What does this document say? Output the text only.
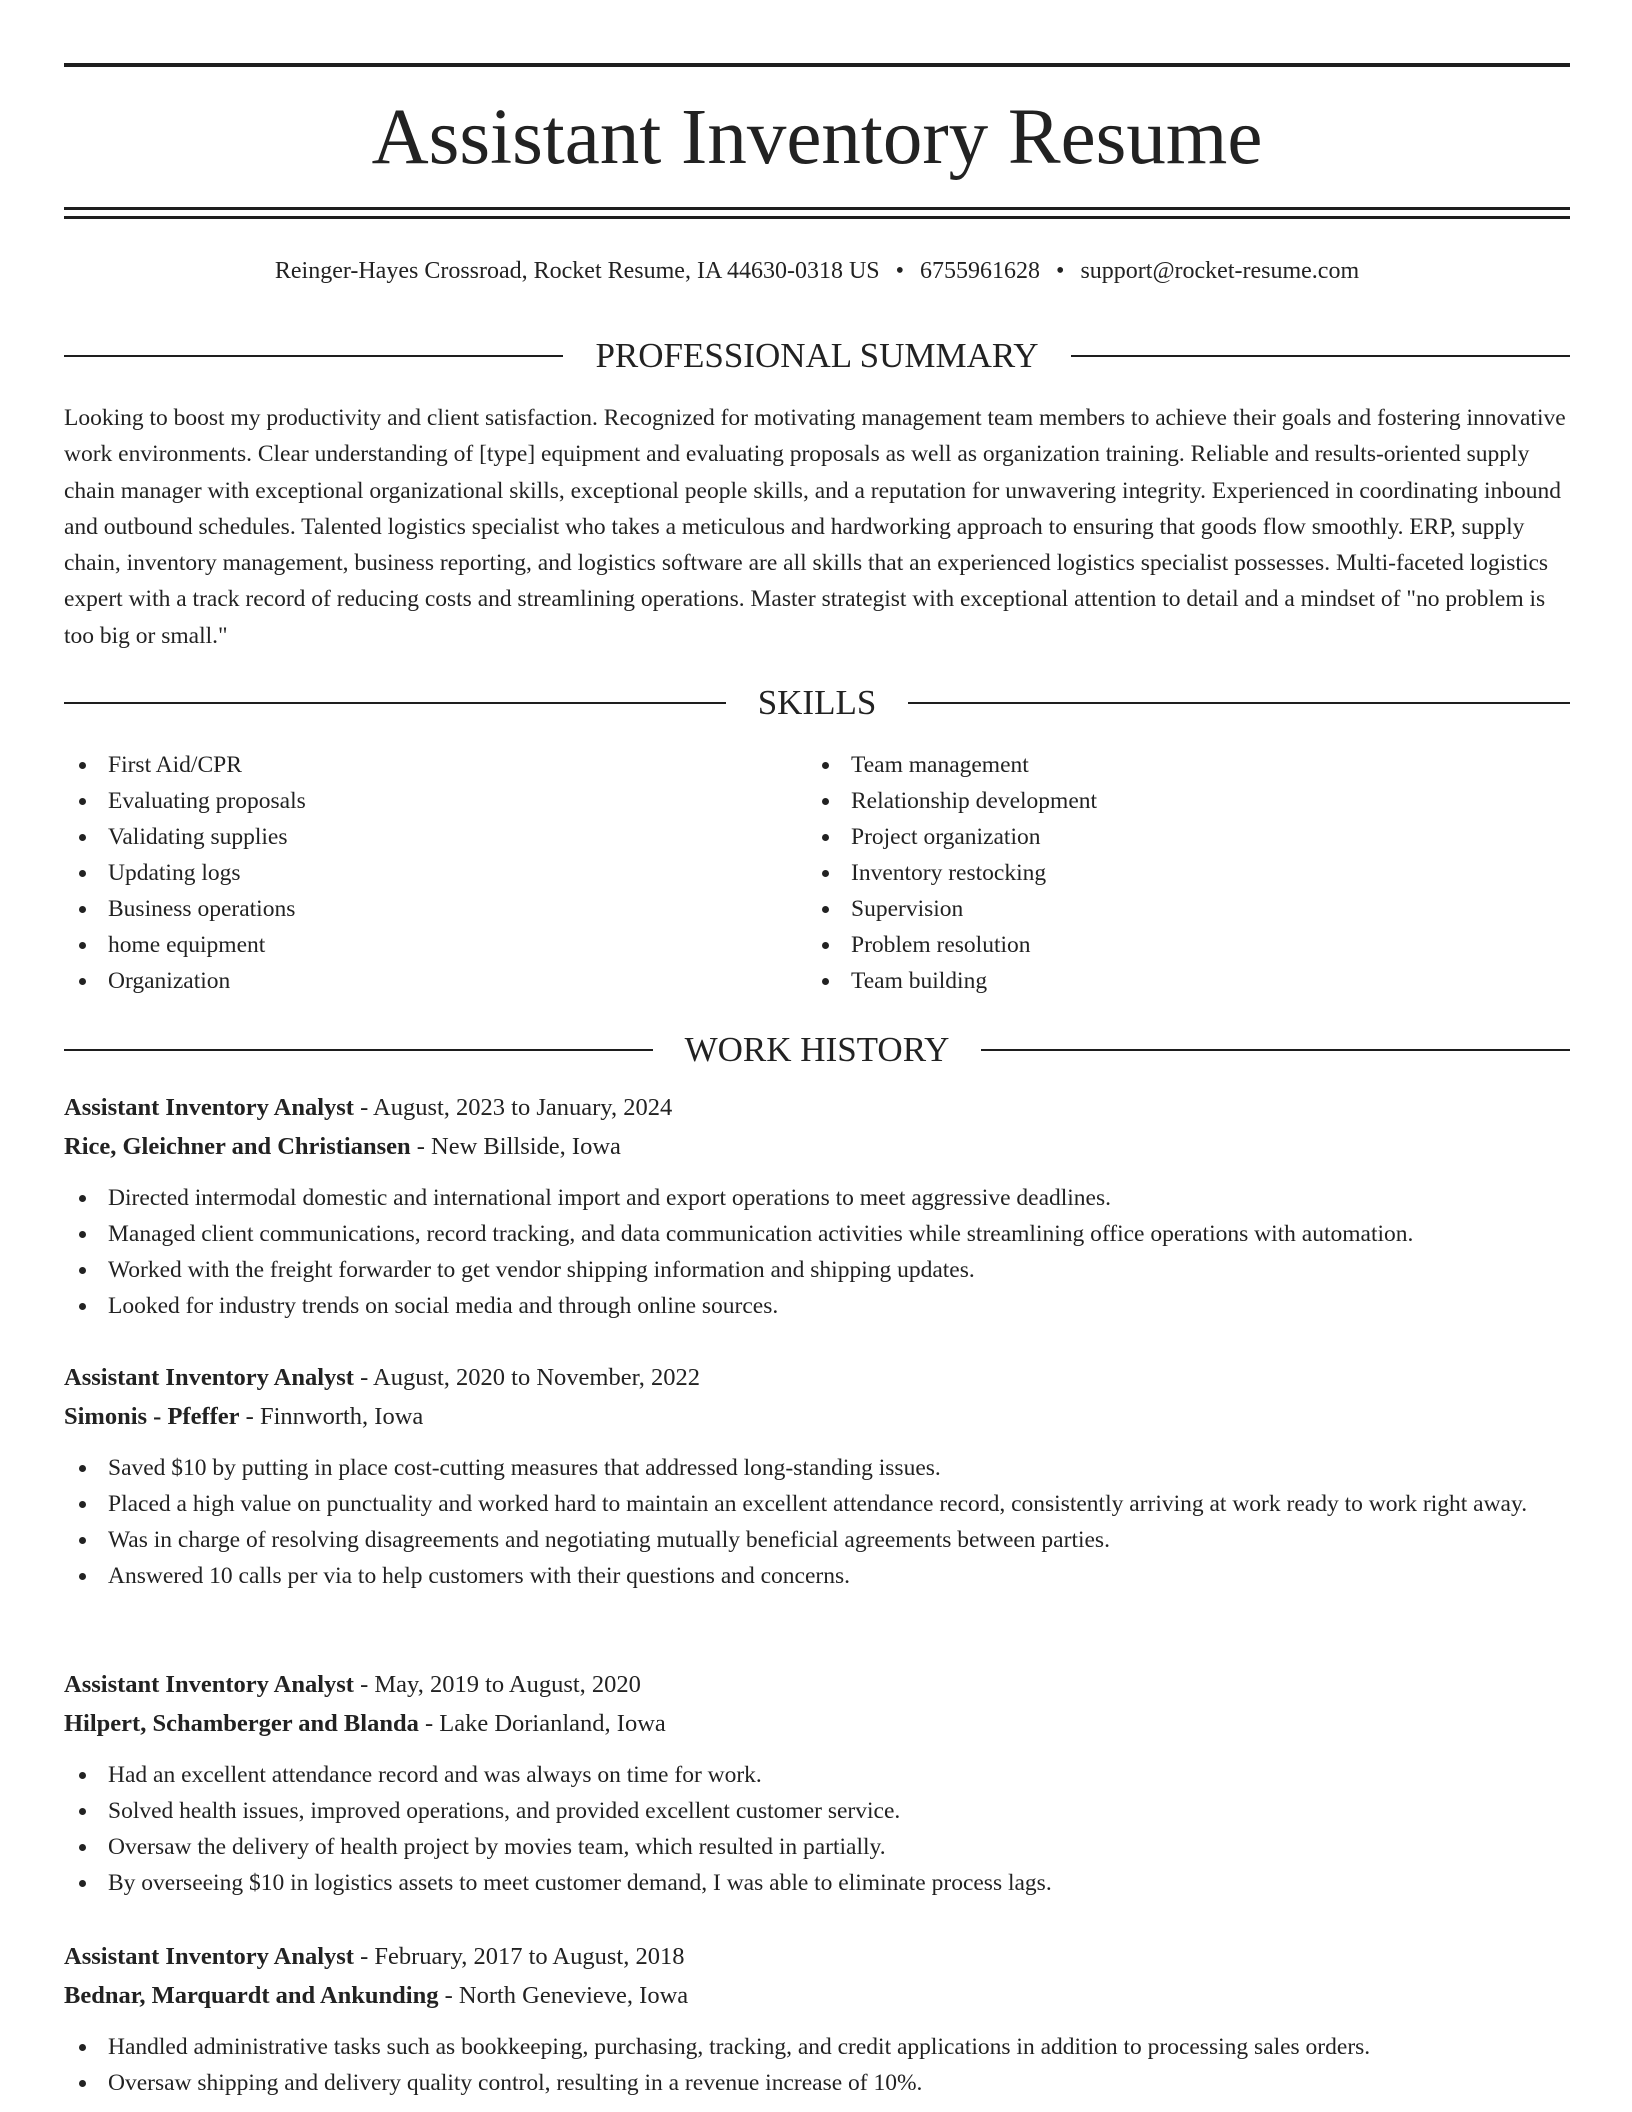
Assistant Inventory Resume
Reinger-Hayes Crossroad, Rocket Resume, IA 44630-0318 US • 6755961628 • support@rocket-resume.com
PROFESSIONAL SUMMARY
Looking to boost my productivity and client satisfaction. Recognized for motivating management team members to achieve their goals and fostering innovative work environments. Clear understanding of [type] equipment and evaluating proposals as well as organization training. Reliable and results-oriented supply chain manager with exceptional organizational skills, exceptional people skills, and a reputation for unwavering integrity. Experienced in coordinating inbound and outbound schedules. Talented logistics specialist who takes a meticulous and hardworking approach to ensuring that goods flow smoothly. ERP, supply chain, inventory management, business reporting, and logistics software are all skills that an experienced logistics specialist possesses. Multi-faceted logistics expert with a track record of reducing costs and streamlining operations. Master strategist with exceptional attention to detail and a mindset of "no problem is too big or small."
SKILLS
First Aid/CPR
Evaluating proposals
Validating supplies
Updating logs
Business operations
home equipment
Organization
Team management
Relationship development
Project organization
Inventory restocking
Supervision
Problem resolution
Team building
WORK HISTORY
Assistant Inventory Analyst - August, 2023 to January, 2024
Rice, Gleichner and Christiansen - New Billside, Iowa
Directed intermodal domestic and international import and export operations to meet aggressive deadlines.
Managed client communications, record tracking, and data communication activities while streamlining office operations with automation.
Worked with the freight forwarder to get vendor shipping information and shipping updates.
Looked for industry trends on social media and through online sources.
Assistant Inventory Analyst - August, 2020 to November, 2022
Simonis - Pfeffer - Finnworth, Iowa
Saved $10 by putting in place cost-cutting measures that addressed long-standing issues.
Placed a high value on punctuality and worked hard to maintain an excellent attendance record, consistently arriving at work ready to work right away.
Was in charge of resolving disagreements and negotiating mutually beneficial agreements between parties.
Answered 10 calls per via to help customers with their questions and concerns.
Assistant Inventory Analyst - May, 2019 to August, 2020
Hilpert, Schamberger and Blanda - Lake Dorianland, Iowa
Had an excellent attendance record and was always on time for work.
Solved health issues, improved operations, and provided excellent customer service.
Oversaw the delivery of health project by movies team, which resulted in partially.
By overseeing $10 in logistics assets to meet customer demand, I was able to eliminate process lags.
Assistant Inventory Analyst - February, 2017 to August, 2018
Bednar, Marquardt and Ankunding - North Genevieve, Iowa
Handled administrative tasks such as bookkeeping, purchasing, tracking, and credit applications in addition to processing sales orders.
Oversaw shipping and delivery quality control, resulting in a revenue increase of 10%.
